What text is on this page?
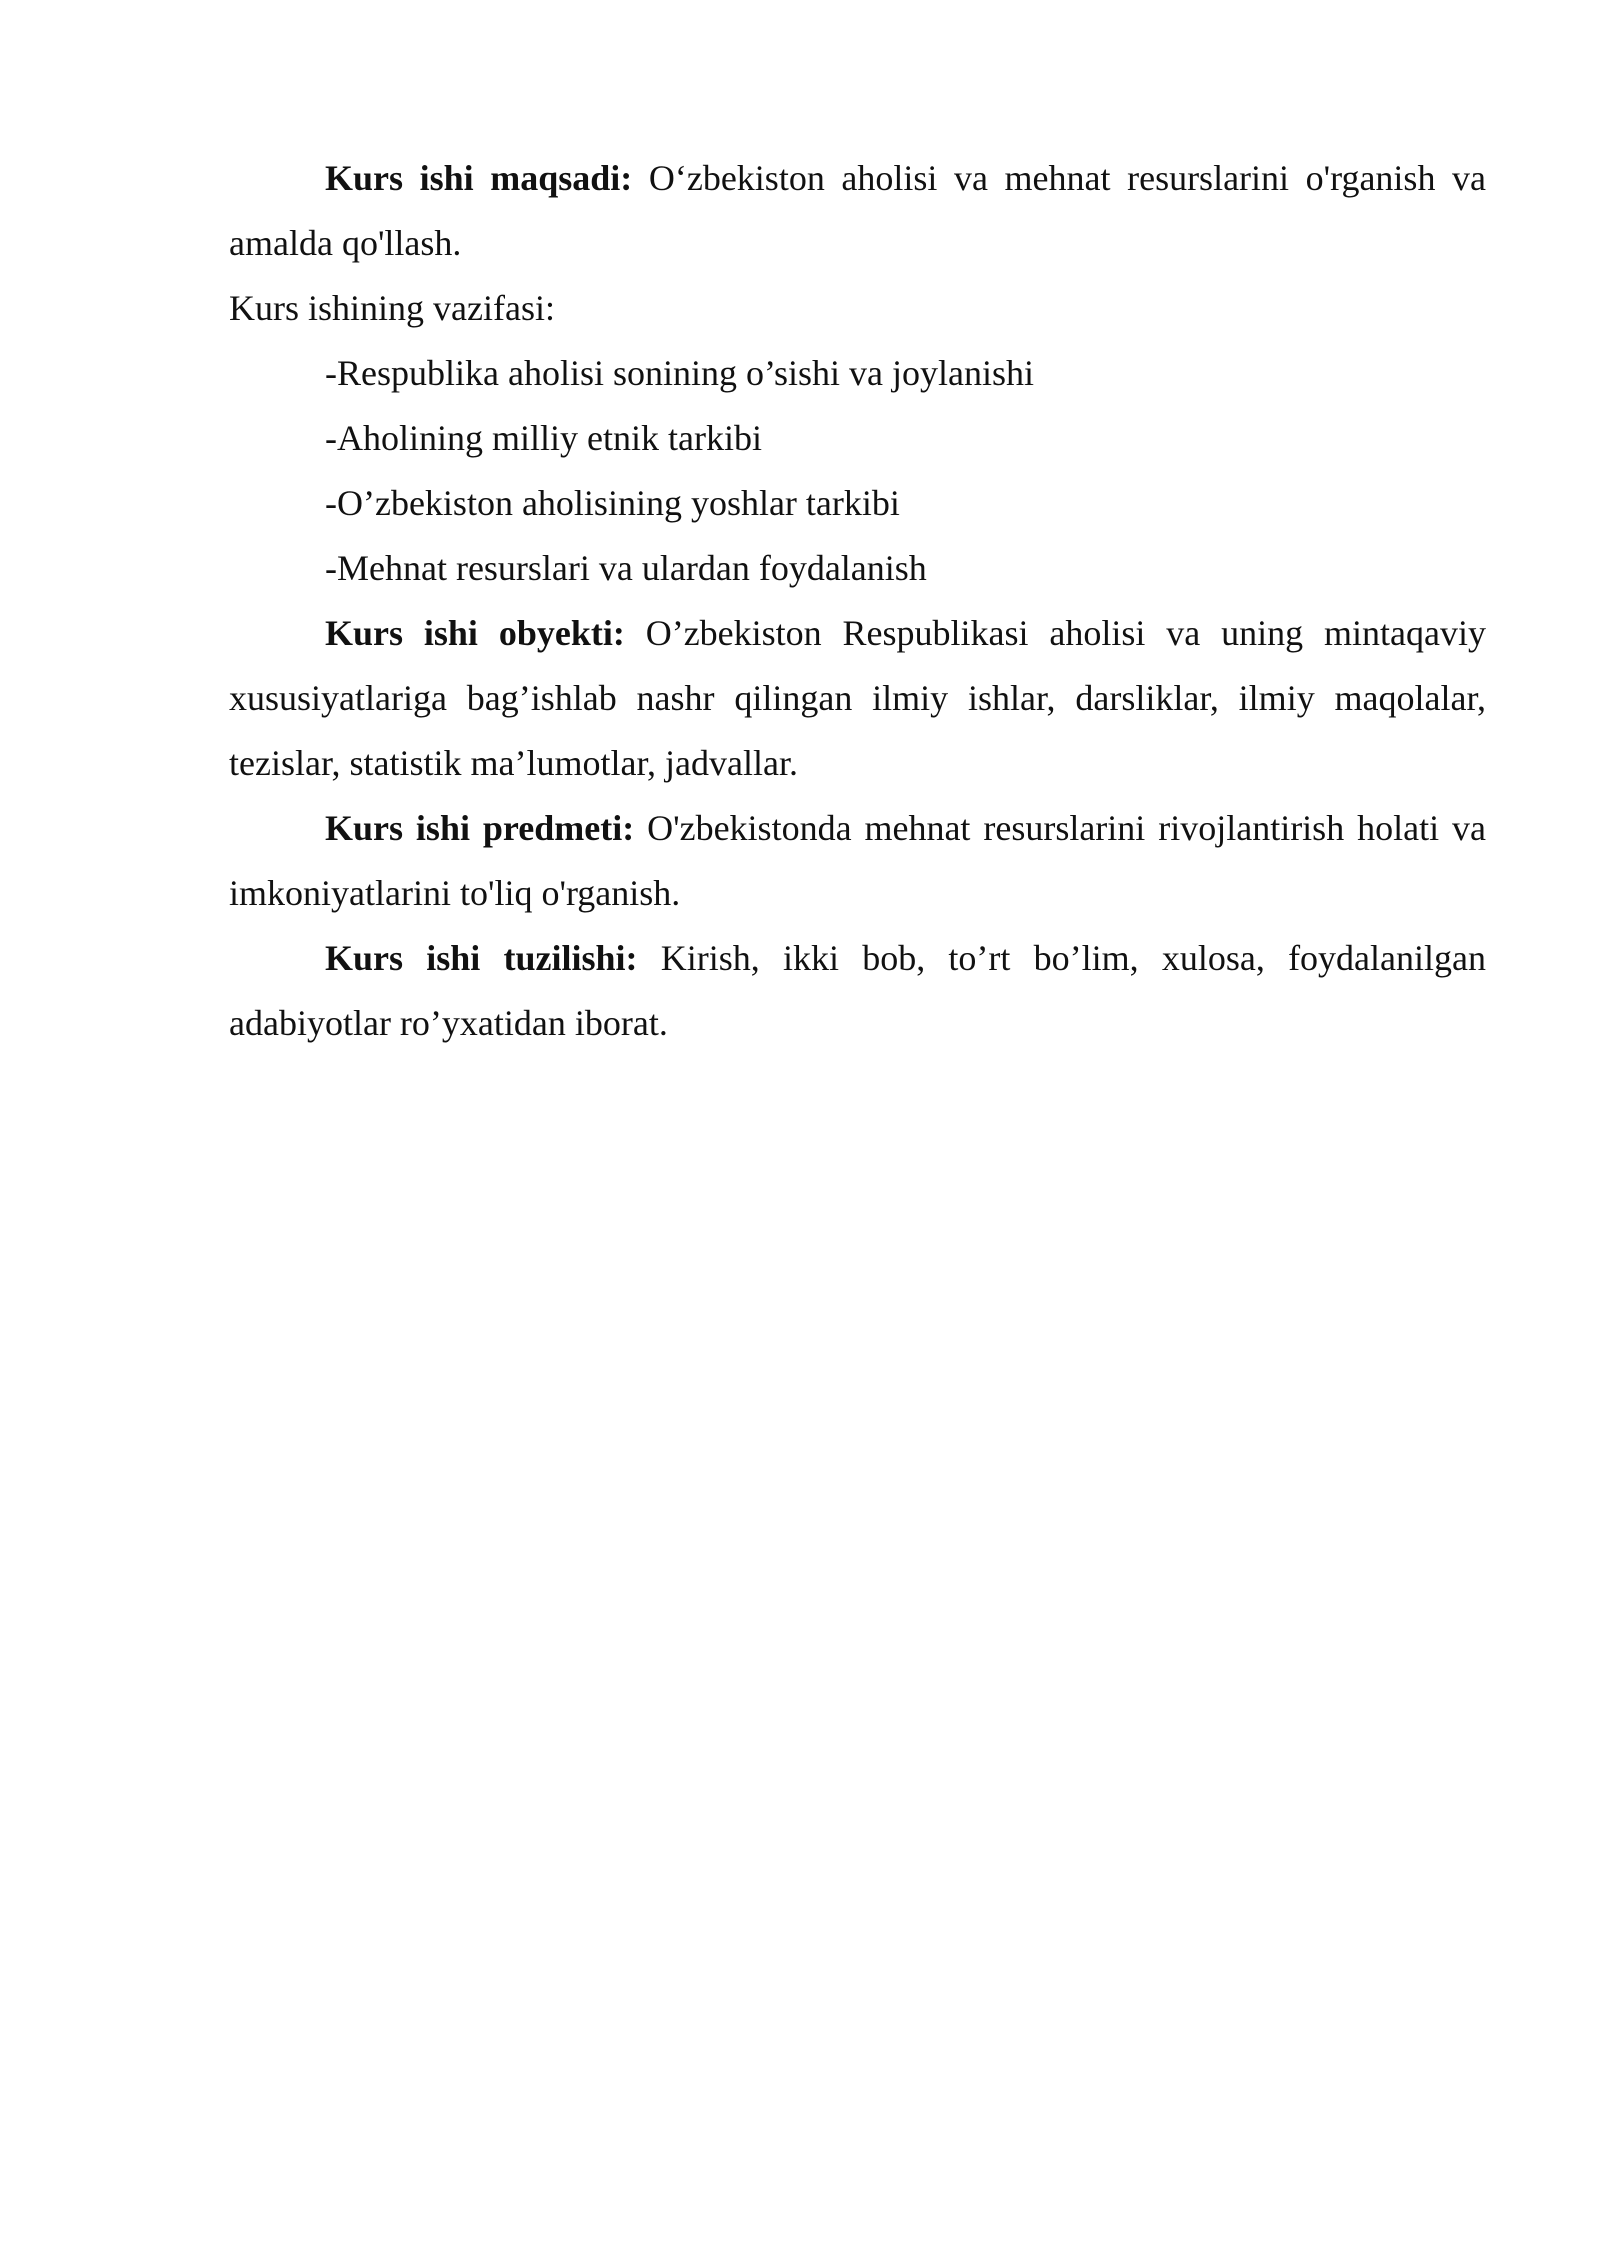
Kurs ishi maqsadi: O‘zbekiston aholisi va mehnat resurslarini o'rganish va amalda qo'llash.

Kurs ishining vazifasi:

-Respublika aholisi sonining o’sishi va joylanishi

-Aholining milliy etnik tarkibi

-O’zbekiston aholisining yoshlar tarkibi

-Mehnat resurslari va ulardan foydalanish

Kurs ishi obyekti: O’zbekiston Respublikasi aholisi va uning mintaqaviy xususiyatlariga bag’ishlab nashr qilingan ilmiy ishlar, darsliklar, ilmiy maqolalar, tezislar, statistik ma’lumotlar, jadvallar.

Kurs ishi predmeti: O'zbekistonda mehnat resurslarini rivojlantirish holati va imkoniyatlarini to'liq o'rganish.

Kurs ishi tuzilishi: Kirish, ikki bob, to’rt bo’lim, xulosa, foydalanilgan adabiyotlar ro’yxatidan iborat.
